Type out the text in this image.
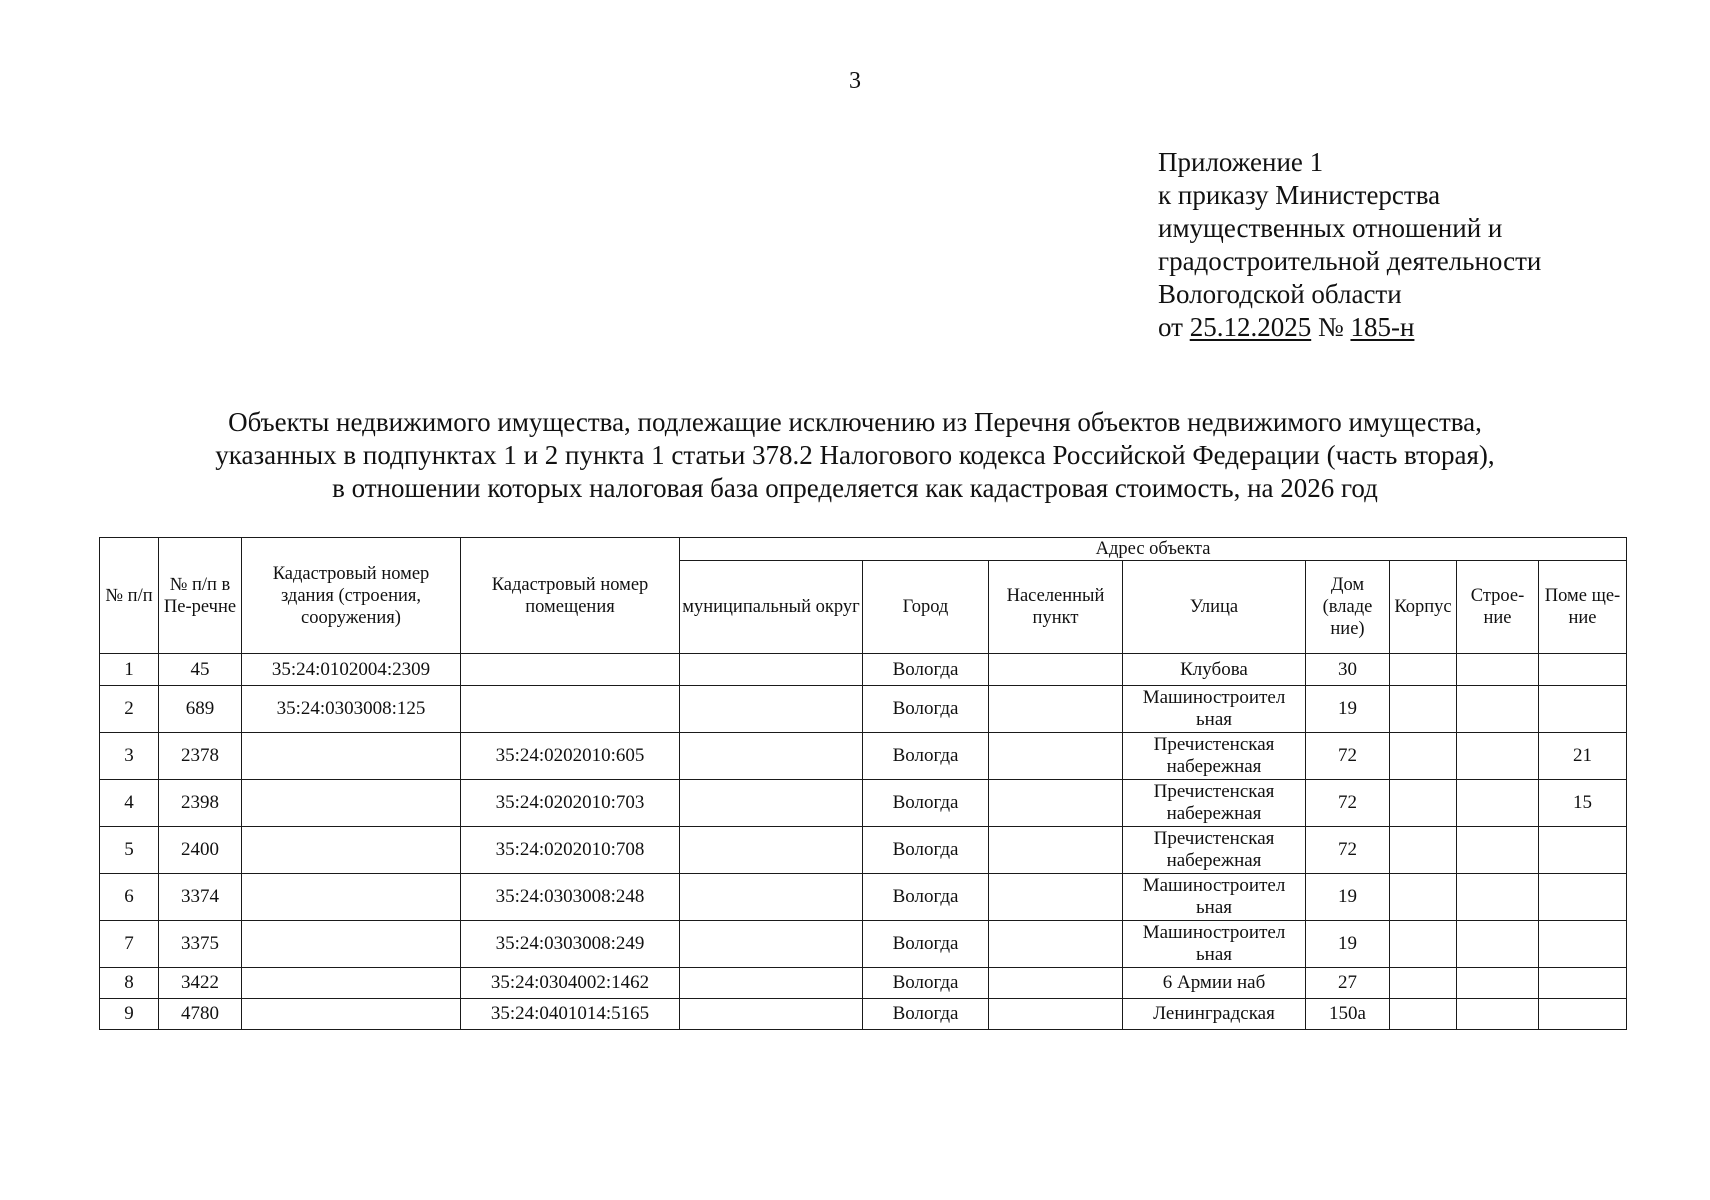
3
Приложение 1
к приказу Министерства
имущественных отношений и
градостроительной деятельности
Вологодской области
от 25.12.2025 № 185-н
Объекты недвижимого имущества, подлежащие исключению из Перечня объектов недвижимого имущества,
указанных в подпунктах 1 и 2 пункта 1 статьи 378.2 Налогового кодекса Российской Федерации (часть вторая),
в отношении которых налоговая база определяется как кадастровая стоимость, на 2026 год
№ п/п	№ п/п в Пе-речне	Кадастровый номер здания (строения, сооружения)	Кадастровый номер помещения	Адрес объекта							
				муниципальный округ	Город	Населенный пункт	Улица	Дом (владе ние)	Корпус	Строе-ние	Поме ще-ние
1	45	35:24:0102004:2309			Вологда		Клубова	30			
2	689	35:24:0303008:125			Вологда		Машиностроител ьная	19			
3	2378		35:24:0202010:605		Вологда		Пречистенская набережная	72			21
4	2398		35:24:0202010:703		Вологда		Пречистенская набережная	72			15
5	2400		35:24:0202010:708		Вологда		Пречистенская набережная	72			
6	3374		35:24:0303008:248		Вологда		Машиностроител ьная	19			
7	3375		35:24:0303008:249		Вологда		Машиностроител ьная	19			
8	3422		35:24:0304002:1462		Вологда		6 Армии наб	27			
9	4780		35:24:0401014:5165		Вологда		Ленинградская	150а			
